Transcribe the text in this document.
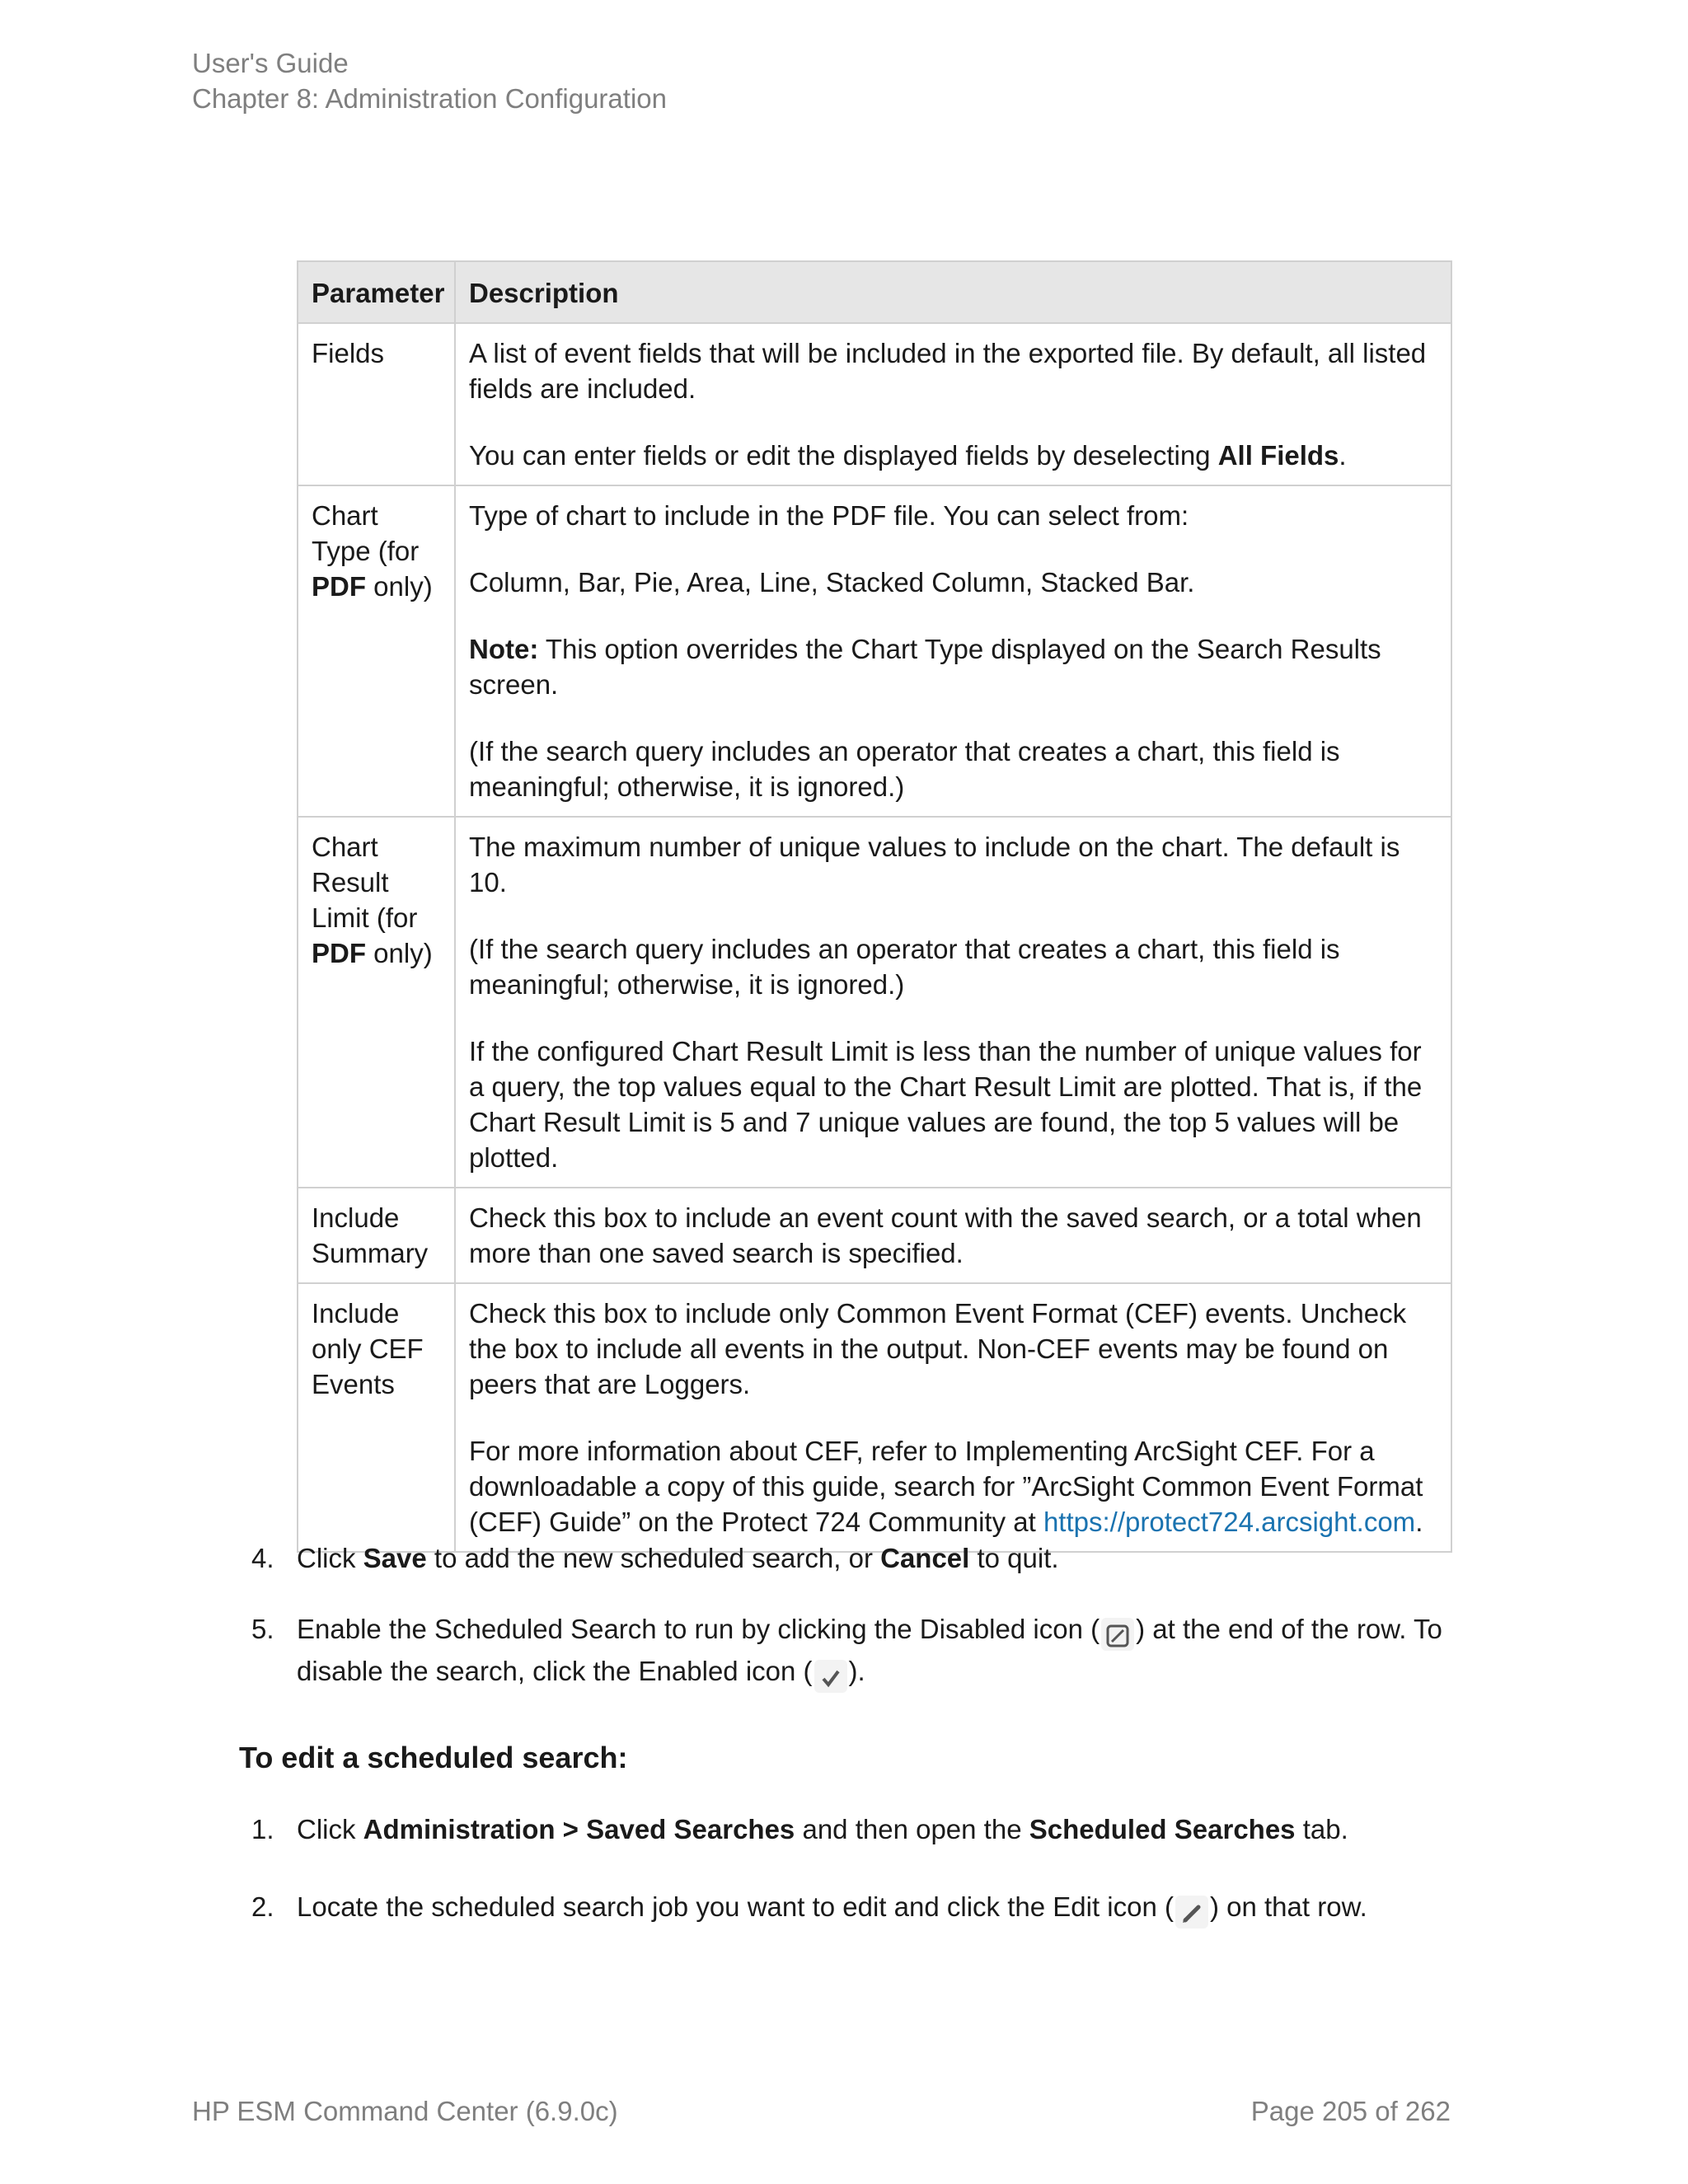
User's Guide
Chapter 8: Administration Configuration
Parameter	Description
Fields	A list of event fields that will be included in the exported file. By default, all listed fields are included.

You can enter fields or edit the displayed fields by deselecting All Fields.

Chart Type (for PDF only)	Type of chart to include in the PDF file. You can select from:

Column, Bar, Pie, Area, Line, Stacked Column, Stacked Bar.

Note: This option overrides the Chart Type displayed on the Search Results screen.

(If the search query includes an operator that creates a chart, this field is meaningful; otherwise, it is ignored.)

Chart Result Limit (for PDF only)	The maximum number of unique values to include on the chart. The default is 10.

(If the search query includes an operator that creates a chart, this field is meaningful; otherwise, it is ignored.)

If the configured Chart Result Limit is less than the number of unique values for a query, the top values equal to the Chart Result Limit are plotted. That is, if the Chart Result Limit is 5 and 7 unique values are found, the top 5 values will be plotted.

Include Summary	Check this box to include an event count with the saved search, or a total when more than one saved search is specified.

Include only CEF Events	Check this box to include only Common Event Format (CEF) events. Uncheck the box to include all events in the output. Non-CEF events may be found on peers that are Loggers.

For more information about CEF, refer to Implementing ArcSight CEF. For a downloadable a copy of this guide, search for ”ArcSight Common Event Format (CEF) Guide” on the Protect 724 Community at https://protect724.arcsight.com.

4. Click Save to add the new scheduled search, or Cancel to quit.
5. Enable the Scheduled Search to run by clicking the Disabled icon ( ) at the end of the row. To disable the search, click the Enabled icon ( ).
To edit a scheduled search:
1. Click Administration > Saved Searches and then open the Scheduled Searches tab.
2. Locate the scheduled search job you want to edit and click the Edit icon ( ) on that row.
HP ESM Command Center (6.9.0c)	Page 205 of 262
